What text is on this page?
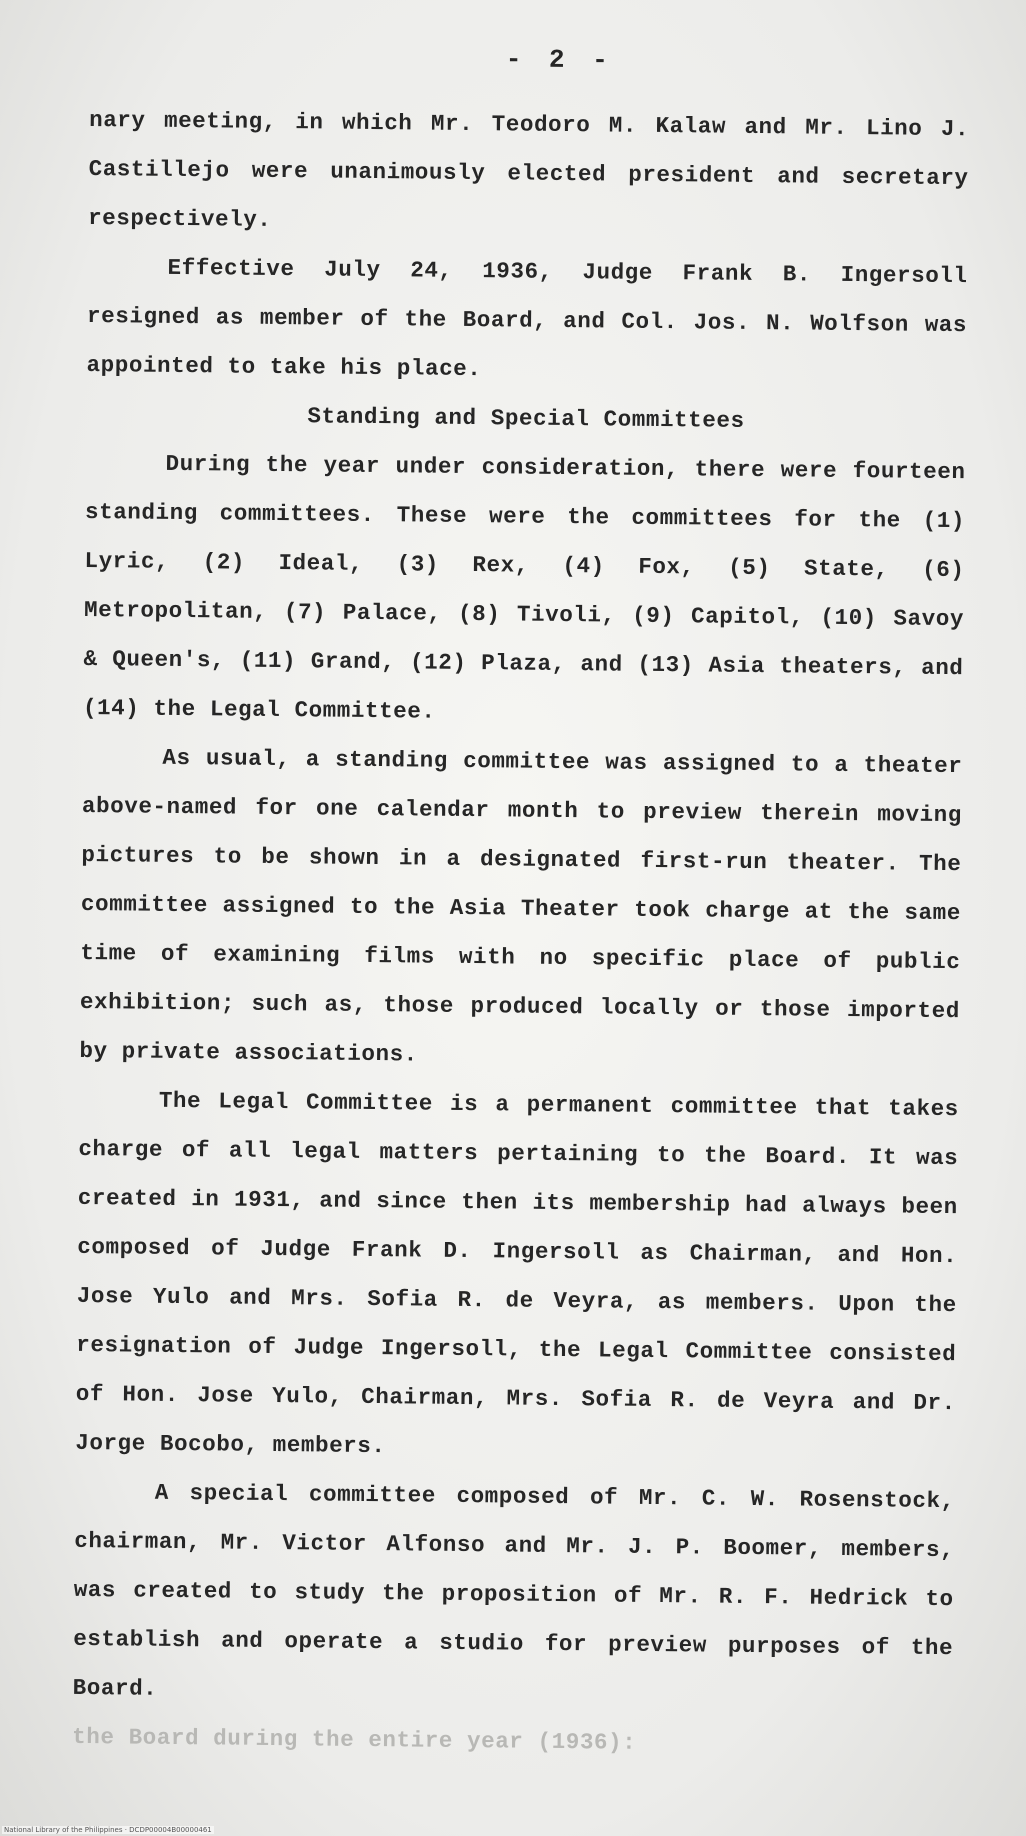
- 2 -

nary meeting, in which Mr. Teodoro M. Kalaw and Mr. Lino J. Castillejo were unanimously elected president and secretary respectively.

Effective July 24, 1936, Judge Frank B. Ingersoll resigned as member of the Board, and Col. Jos. N. Wolfson was appointed to take his place.

Standing and Special Committees

During the year under consideration, there were fourteen standing committees. These were the committees for the (1) Lyric, (2) Ideal, (3) Rex, (4) Fox, (5) State, (6) Metropolitan, (7) Palace, (8) Tivoli, (9) Capitol, (10) Savoy & Queen's, (11) Grand, (12) Plaza, and (13) Asia theaters, and (14) the Legal Committee.

As usual, a standing committee was assigned to a theater above-named for one calendar month to preview therein moving pictures to be shown in a designated first-run theater. The committee assigned to the Asia Theater took charge at the same time of examining films with no specific place of public exhibition; such as, those produced locally or those imported by private associations.

The Legal Committee is a permanent committee that takes charge of all legal matters pertaining to the Board. It was created in 1931, and since then its membership had always been composed of Judge Frank D. Ingersoll as Chairman, and Hon. Jose Yulo and Mrs. Sofia R. de Veyra, as members. Upon the resignation of Judge Ingersoll, the Legal Committee consisted of Hon. Jose Yulo, Chairman, Mrs. Sofia R. de Veyra and Dr. Jorge Bocobo, members.

A special committee composed of Mr. C. W. Rosenstock, chairman, Mr. Victor Alfonso and Mr. J. P. Boomer, members, was created to study the proposition of Mr. R. F. Hedrick to establish and operate a studio for preview purposes of the Board.

the Board during the entire year (1936):

National Library of the Philippines · DCDP00004B00000461
